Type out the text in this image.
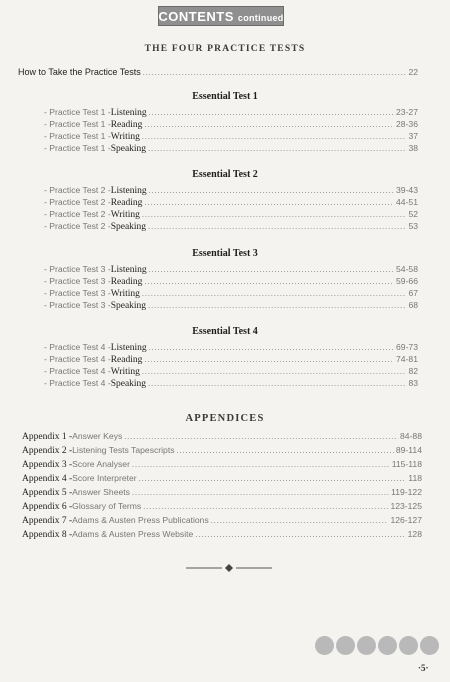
CONTENTS continued
THE FOUR PRACTICE TESTS
How to Take the Practice Tests .....	22
Essential Test 1
- Practice Test 1 - Listening .....	23-27
- Practice Test 1 - Reading .....	28-36
- Practice Test 1 - Writing .....	37
- Practice Test 1 - Speaking .....	38
Essential Test 2
- Practice Test 2 - Listening .....	39-43
- Practice Test 2 - Reading .....	44-51
- Practice Test 2 - Writing .....	52
- Practice Test 2 - Speaking .....	53
Essential Test 3
- Practice Test 3 - Listening .....	54-58
- Practice Test 3 - Reading .....	59-66
- Practice Test 3 - Writing .....	67
- Practice Test 3 - Speaking .....	68
Essential Test 4
- Practice Test 4 - Listening .....	69-73
- Practice Test 4 - Reading .....	74-81
- Practice Test 4 - Writing .....	82
- Practice Test 4 - Speaking .....	83
APPENDICES
Appendix 1 - Answer Keys .....	84-88
Appendix 2 - Listening Tests Tapescripts .....	89-114
Appendix 3 - Score Analyser .....	115-118
Appendix 4 - Score Interpreter .....	118
Appendix 5 - Answer Sheets .....	119-122
Appendix 6 - Glossary of Terms .....	123-125
Appendix 7 - Adams & Austen Press Publications .....	126-127
Appendix 8 - Adams & Austen Press Website .....	128
·5·
